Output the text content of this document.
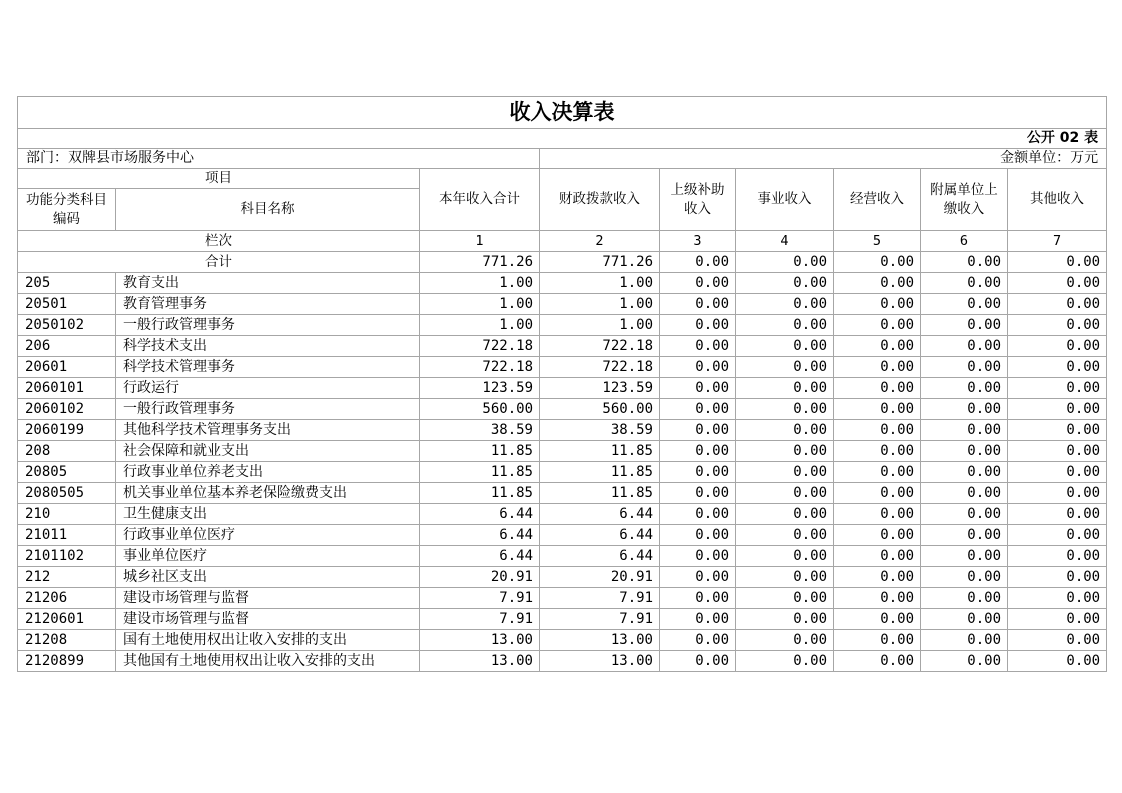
收入决算表								
公开 02 表								
部门：双牌县市场服务中心			金额单位：万元					
项目		本年收入合计	财政拨款收入	上级补助收入	事业收入	经营收入	附属单位上缴收入	其他收入
功能分类科目编码	科目名称							
栏次		1	2	3	4	5	6	7
合计		771.26	771.26	0.00	0.00	0.00	0.00	0.00
205	教育支出	1.00	1.00	0.00	0.00	0.00	0.00	0.00
20501	教育管理事务	1.00	1.00	0.00	0.00	0.00	0.00	0.00
2050102	一般行政管理事务	1.00	1.00	0.00	0.00	0.00	0.00	0.00
206	科学技术支出	722.18	722.18	0.00	0.00	0.00	0.00	0.00
20601	科学技术管理事务	722.18	722.18	0.00	0.00	0.00	0.00	0.00
2060101	行政运行	123.59	123.59	0.00	0.00	0.00	0.00	0.00
2060102	一般行政管理事务	560.00	560.00	0.00	0.00	0.00	0.00	0.00
2060199	其他科学技术管理事务支出	38.59	38.59	0.00	0.00	0.00	0.00	0.00
208	社会保障和就业支出	11.85	11.85	0.00	0.00	0.00	0.00	0.00
20805	行政事业单位养老支出	11.85	11.85	0.00	0.00	0.00	0.00	0.00
2080505	机关事业单位基本养老保险缴费支出	11.85	11.85	0.00	0.00	0.00	0.00	0.00
210	卫生健康支出	6.44	6.44	0.00	0.00	0.00	0.00	0.00
21011	行政事业单位医疗	6.44	6.44	0.00	0.00	0.00	0.00	0.00
2101102	事业单位医疗	6.44	6.44	0.00	0.00	0.00	0.00	0.00
212	城乡社区支出	20.91	20.91	0.00	0.00	0.00	0.00	0.00
21206	建设市场管理与监督	7.91	7.91	0.00	0.00	0.00	0.00	0.00
2120601	建设市场管理与监督	7.91	7.91	0.00	0.00	0.00	0.00	0.00
21208	国有土地使用权出让收入安排的支出	13.00	13.00	0.00	0.00	0.00	0.00	0.00
2120899	其他国有土地使用权出让收入安排的支出	13.00	13.00	0.00	0.00	0.00	0.00	0.00
